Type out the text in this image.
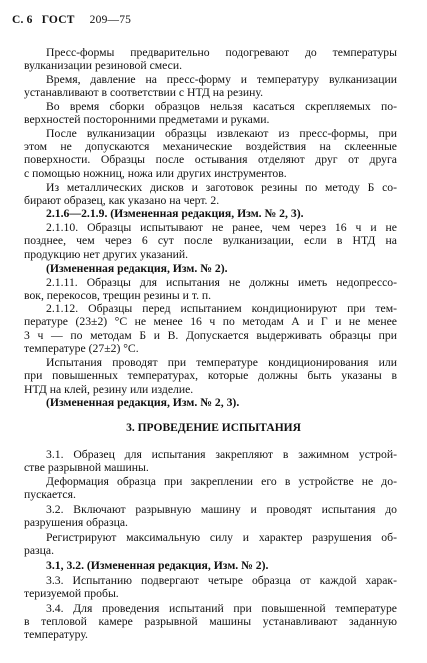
С. 6 ГОСТ 209—75
Пресс-формы предварительно подогревают до температуры
вулканизации резиновой смеси.
Время, давление на пресс-форму и температуру вулканизации
устанавливают в соответствии с НТД на резину.
Во время сборки образцов нельзя касаться скрепляемых по-
верхностей посторонними предметами и руками.
После вулканизации образцы извлекают из пресс-формы, при
этом не допускаются механические воздействия на склеенные
поверхности. Образцы после остывания отделяют друг от друга
с помощью ножниц, ножа или других инструментов.
Из металлических дисков и заготовок резины по методу Б со-
бирают образец, как указано на черт. 2.
2.1.6—2.1.9. (Измененная редакция, Изм. № 2, 3).
2.1.10. Образцы испытывают не ранее, чем через 16 ч и не
позднее, чем через 6 сут после вулканизации, если в НТД на
продукцию нет других указаний.
(Измененная редакция, Изм. № 2).
2.1.11. Образцы для испытания не должны иметь недопрессо-
вок, перекосов, трещин резины и т. п.
2.1.12. Образцы перед испытанием кондиционируют при тем-
пературе (23±2) °С не менее 16 ч по методам А и Г и не менее
3 ч — по методам Б и В. Допускается выдерживать образцы при
температуре (27±2) °С.
Испытания проводят при температуре кондиционирования или
при повышенных температурах, которые должны быть указаны в
НТД на клей, резину или изделие.
(Измененная редакция, Изм. № 2, 3).
3. ПРОВЕДЕНИЕ ИСПЫТАНИЯ
3.1. Образец для испытания закрепляют в зажимном устрой-
стве разрывной машины.
Деформация образца при закреплении его в устройстве не до-
пускается.
3.2. Включают разрывную машину и проводят испытания до
разрушения образца.
Регистрируют максимальную силу и характер разрушения об-
разца.
3.1, 3.2. (Измененная редакция, Изм. № 2).
3.3. Испытанию подвергают четыре образца от каждой харак-
теризуемой пробы.
3.4. Для проведения испытаний при повышенной температуре
в тепловой камере разрывной машины устанавливают заданную
температуру.
